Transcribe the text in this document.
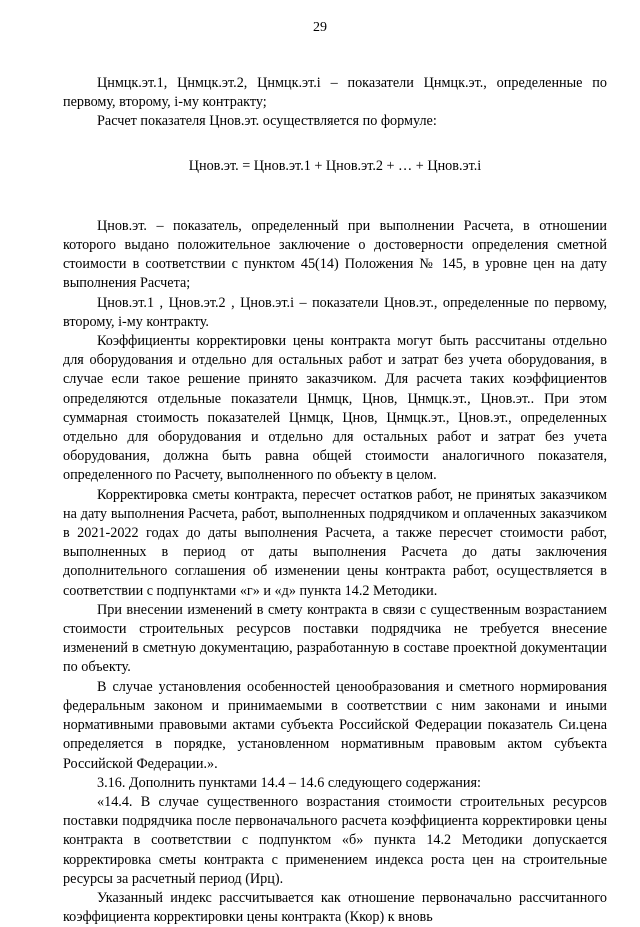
29

Цнмцк.эт.1, Цнмцк.эт.2, Цнмцк.эт.i – показатели Цнмцк.эт., определенные по первому, второму, i-му контракту;

Расчет показателя Цнов.эт. осуществляется по формуле:

Цнов.эт. = Цнов.эт.1 + Цнов.эт.2 + … + Цнов.эт.i

Цнов.эт. – показатель, определенный при выполнении Расчета, в отношении которого выдано положительное заключение о достоверности определения сметной стоимости в соответствии с пунктом 45(14) Положения № 145, в уровне цен на дату выполнения Расчета;

Цнов.эт.1 , Цнов.эт.2 , Цнов.эт.i – показатели Цнов.эт., определенные по первому, второму, i-му контракту.

Коэффициенты корректировки цены контракта могут быть рассчитаны отдельно для оборудования и отдельно для остальных работ и затрат без учета оборудования, в случае если такое решение принято заказчиком. Для расчета таких коэффициентов определяются отдельные показатели Цнмцк, Цнов, Цнмцк.эт., Цнов.эт.. При этом суммарная стоимость показателей Цнмцк, Цнов, Цнмцк.эт., Цнов.эт., определенных отдельно для оборудования и отдельно для остальных работ и затрат без учета оборудования, должна быть равна общей стоимости аналогичного показателя, определенного по Расчету, выполненного по объекту в целом.

Корректировка сметы контракта, пересчет остатков работ, не принятых заказчиком на дату выполнения Расчета, работ, выполненных подрядчиком и оплаченных заказчиком в 2021-2022 годах до даты выполнения Расчета, а также пересчет стоимости работ, выполненных в период от даты выполнения Расчета до даты заключения дополнительного соглашения об изменении цены контракта работ, осуществляется в соответствии с подпунктами «г» и «д» пункта 14.2 Методики.

При внесении изменений в смету контракта в связи с существенным возрастанием стоимости строительных ресурсов поставки подрядчика не требуется внесение изменений в сметную документацию, разработанную в составе проектной документации по объекту.

В случае установления особенностей ценообразования и сметного нормирования федеральным законом и принимаемыми в соответствии с ним законами и иными нормативными правовыми актами субъекта Российской Федерации показатель Си.цена определяется в порядке, установленном нормативным правовым актом субъекта Российской Федерации.».

3.16. Дополнить пунктами 14.4 – 14.6 следующего содержания:

«14.4. В случае существенного возрастания стоимости строительных ресурсов поставки подрядчика после первоначального расчета коэффициента корректировки цены контракта в соответствии с подпунктом «б» пункта 14.2 Методики допускается корректировка сметы контракта с применением индекса роста цен на строительные ресурсы за расчетный период (Ирц).

Указанный индекс рассчитывается как отношение первоначально рассчитанного коэффициента корректировки цены контракта (Ккор) к вновь
